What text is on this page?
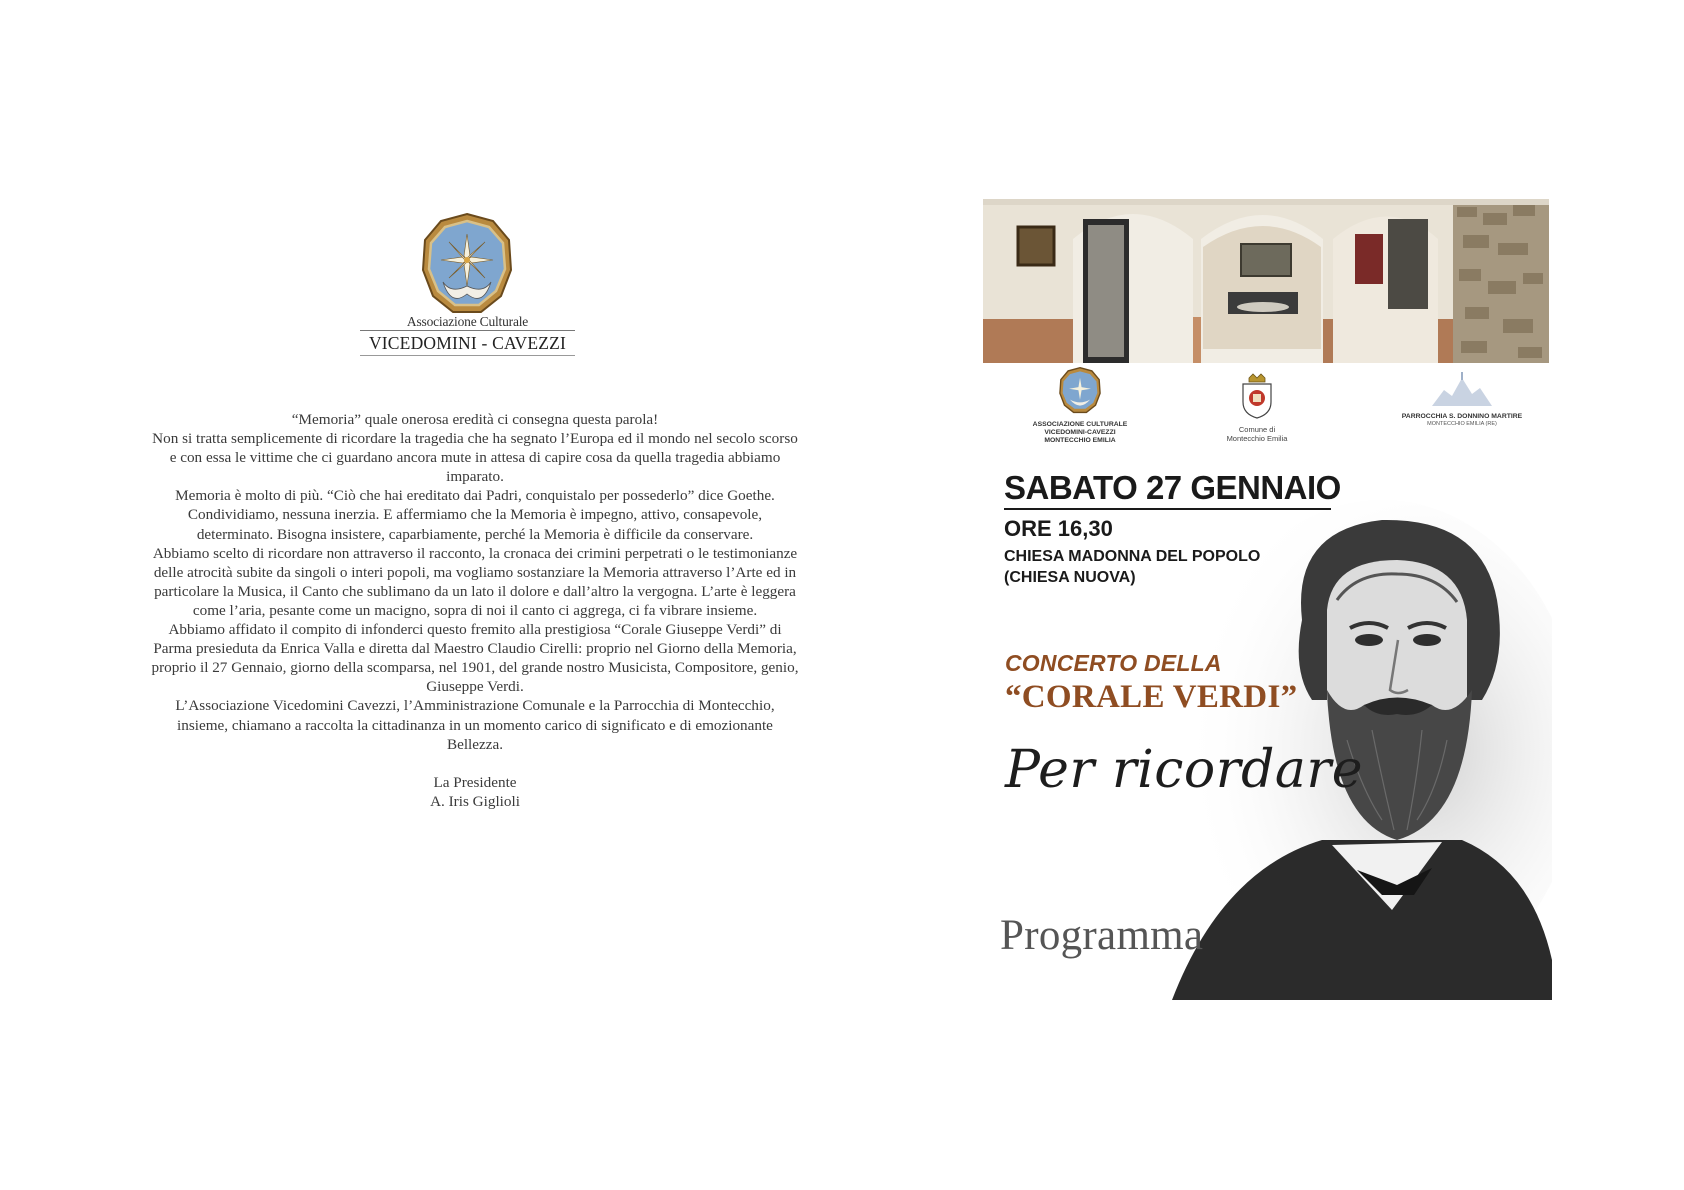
Associazione Culturale
VICEDOMINI - CAVEZZI

“Memoria” quale onerosa eredità ci consegna questa parola!

Non si tratta semplicemente di ricordare la tragedia che ha segnato l’Europa ed il mondo nel secolo scorso e con essa le vittime che ci guardano ancora mute in attesa di capire cosa da quella tragedia abbiamo imparato.

Memoria è molto di più. “Ciò che hai ereditato dai Padri, conquistalo per possederlo” dice Goethe. Condividiamo, nessuna inerzia. E affermiamo che la Memoria è impegno, attivo, consapevole, determinato. Bisogna insistere, caparbiamente, perché la Memoria è difficile da conservare.

Abbiamo scelto di ricordare non attraverso il racconto, la cronaca dei crimini perpetrati o le testimonianze delle atrocità subite da singoli o interi popoli, ma vogliamo sostanziare la Memoria attraverso l’Arte ed in particolare la Musica, il Canto che sublimano da un lato il dolore e dall’altro la vergogna. L’arte è leggera come l’aria, pesante come un macigno, sopra di noi il canto ci aggrega, ci fa vibrare insieme.

Abbiamo affidato il compito di infonderci questo fremito alla prestigiosa “Corale Giuseppe Verdi” di Parma presieduta da Enrica Valla e diretta dal Maestro Claudio Cirelli: proprio nel Giorno della Memoria, proprio il 27 Gennaio, giorno della scomparsa, nel 1901, del grande nostro Musicista, Compositore, genio, Giuseppe Verdi.

L’Associazione Vicedomini Cavezzi, l’Amministrazione Comunale e la Parrocchia di Montecchio, insieme, chiamano a raccolta la cittadinanza in un momento carico di significato e di emozionante Bellezza.

La Presidente

A. Iris Giglioli

ASSOCIAZIONE CULTURALE
VICEDOMINI-CAVEZZI
MONTECCHIO EMILIA
Comune di
Montecchio Emilia
PARROCCHIA S. DONNINO MARTIRE
MONTECCHIO EMILIA (RE)
SABATO 27 GENNAIO
ORE 16,30
CHIESA MADONNA DEL POPOLO
(CHIESA NUOVA)
CONCERTO DELLA
“CORALE VERDI”
Per ricordare
Programma
